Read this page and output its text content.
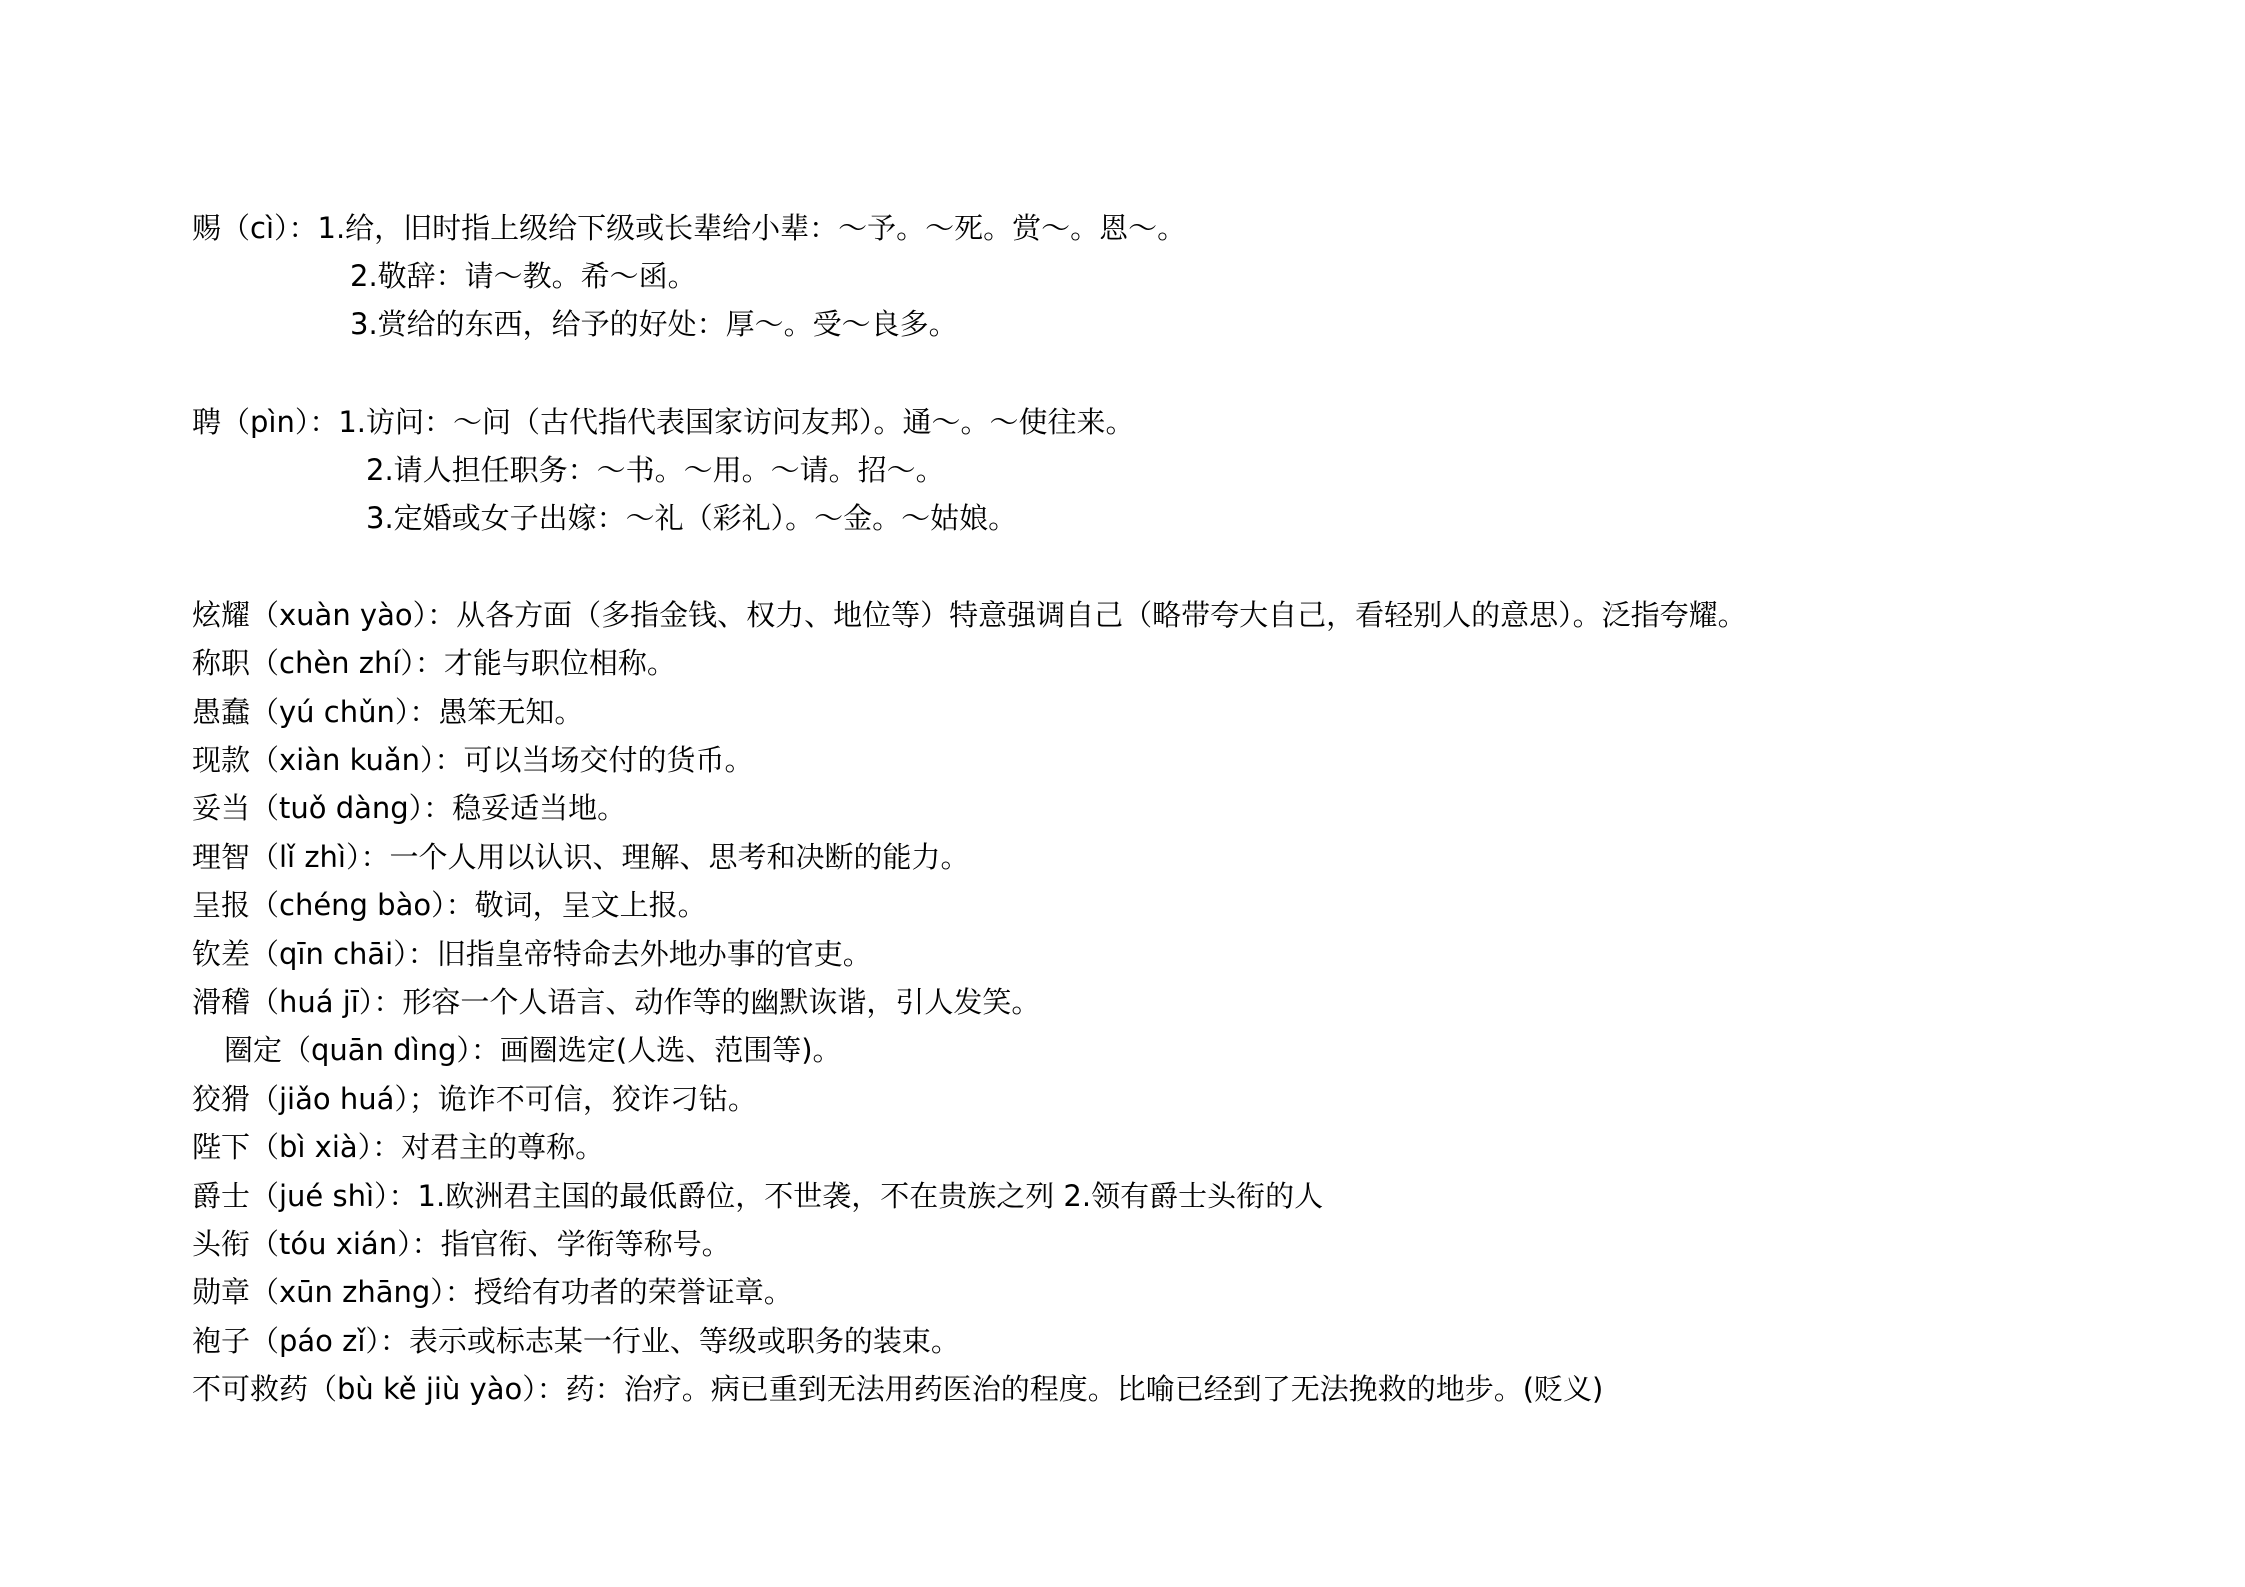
赐（cì）：1.给，旧时指上级给下级或长辈给小辈：～予。～死。赏～。恩～。
2.敬辞：请～教。希～函。
3.赏给的东西，给予的好处：厚～。受～良多。
聘（pìn）：1.访问：～问（古代指代表国家访问友邦）。通～。～使往来。
2.请人担任职务：～书。～用。～请。招～。
3.定婚或女子出嫁：～礼（彩礼）。～金。～姑娘。
炫耀（xuàn yào）：从各方面（多指金钱、权力、地位等）特意强调自己（略带夸大自己，看轻别人的意思）。泛指夸耀。
称职（chèn zhí）：才能与职位相称。
愚蠢（yú chǔn）：愚笨无知。
现款（xiàn kuǎn）：可以当场交付的货币。
妥当（tuǒ dàng）：稳妥适当地。
理智（lǐ zhì）：一个人用以认识、理解、思考和决断的能力。
呈报（chéng bào）：敬词，呈文上报。
钦差（qīn chāi）：旧指皇帝特命去外地办事的官吏。
滑稽（huá jī）：形容一个人语言、动作等的幽默诙谐，引人发笑。
圈定（quān dìng）：画圈选定(人选、范围等)。
狡猾（jiǎo huá）；诡诈不可信，狡诈刁钻。
陛下（bì xià）：对君主的尊称。
爵士（jué shì）：1.欧洲君主国的最低爵位，不世袭，不在贵族之列 2.领有爵士头衔的人
头衔（tóu xián）：指官衔、学衔等称号。
勋章（xūn zhāng）：授给有功者的荣誉证章。
袍子（páo zǐ）：表示或标志某一行业、等级或职务的装束。
不可救药（bù kě jiù yào）：药：治疗。病已重到无法用药医治的程度。比喻已经到了无法挽救的地步。(贬义)
